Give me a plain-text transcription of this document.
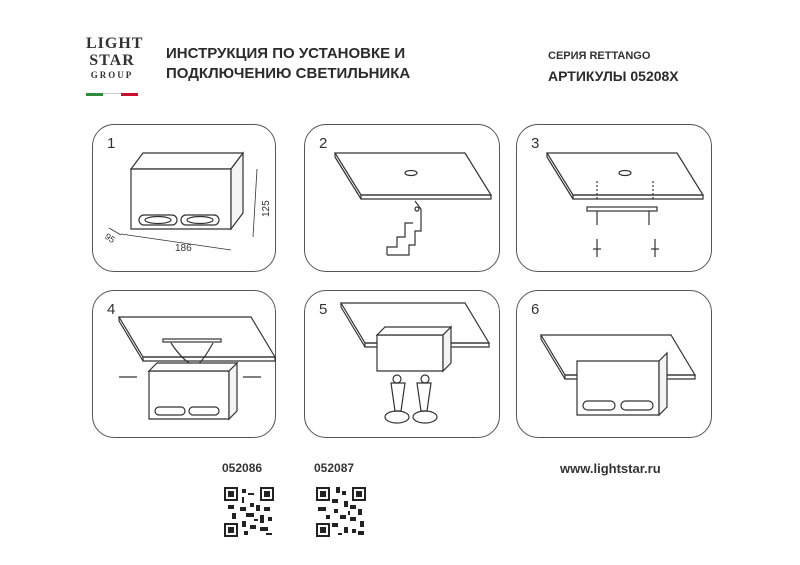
LIGHT
STAR
GROUP
ИНСТРУКЦИЯ ПО УСТАНОВКЕ И
ПОДКЛЮЧЕНИЮ СВЕТИЛЬНИКА
СЕРИЯ RETTANGO
АРТИКУЛЫ 05208X
1
186
95
125
2	3
4	5	6
052086	052087	www.lightstar.ru
